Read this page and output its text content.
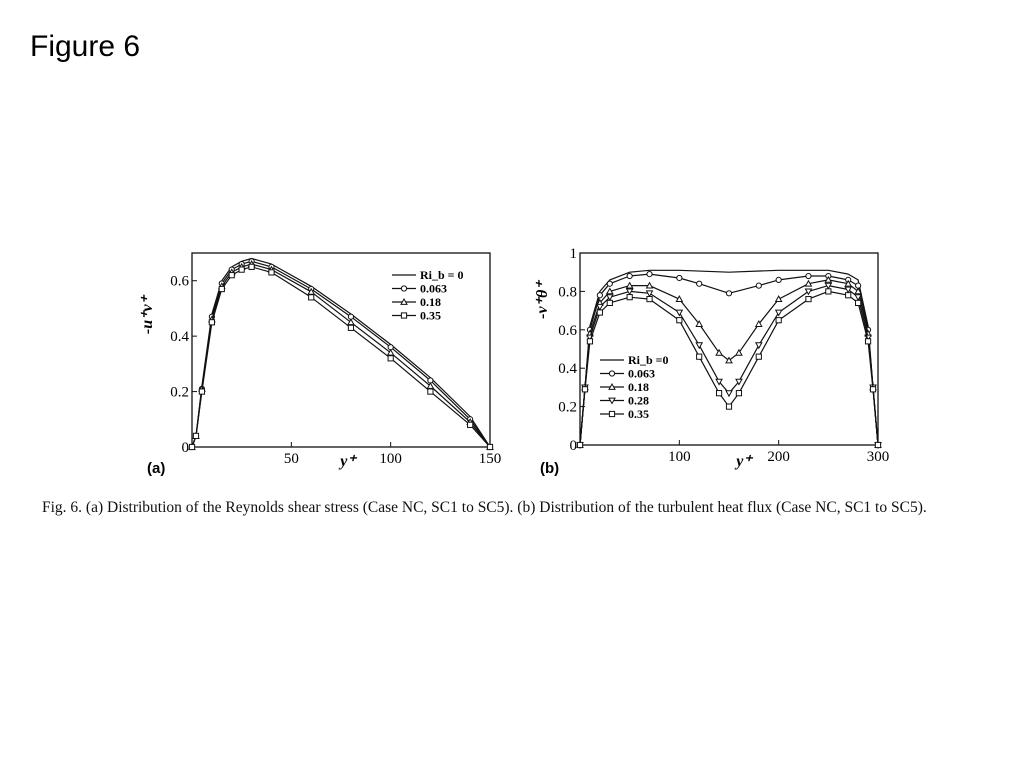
Figure 6
50	100	150
0
0.2
0.4
0.6
y⁺
-u⁺v⁺
(a)
Ri_b = 0
0.063
0.18
0.35
100	200	300
0
0.2
0.4
0.6
0.8
1
y⁺
-v⁺θ⁺
(b)
Ri_b =0
0.063
0.18
0.28
0.35
Fig. 6. (a) Distribution of the Reynolds shear stress (Case NC, SC1 to SC5). (b) Distribution of the turbulent heat flux (Case NC, SC1 to SC5).
